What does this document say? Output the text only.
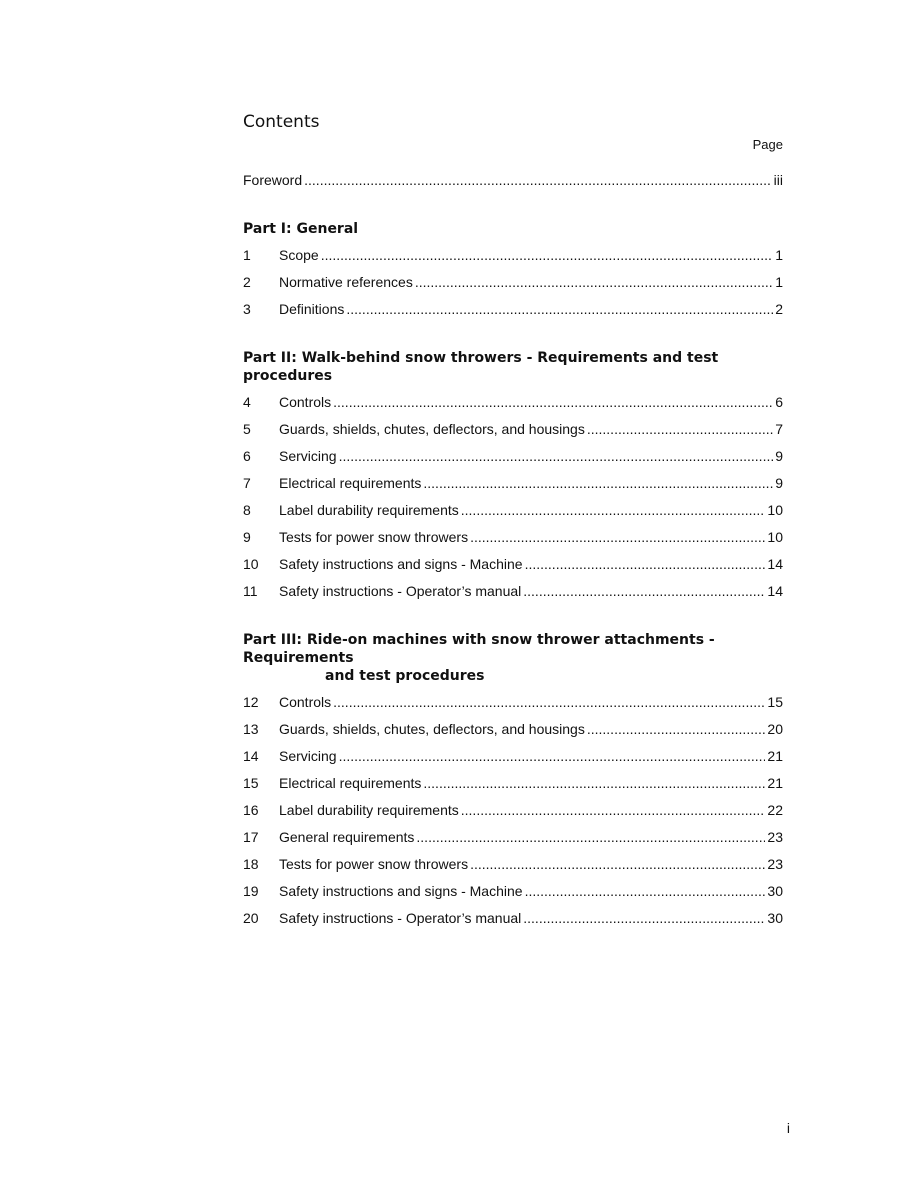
Contents
Page
Foreword .....	iii
Part I: General
1	Scope .....	1
2	Normative references .....	1
3	Definitions .....	2
Part II: Walk-behind snow throwers - Requirements and test procedures
4	Controls .....	6
5	Guards, shields, chutes, deflectors, and housings .....	7
6	Servicing .....	9
7	Electrical requirements .....	9
8	Label durability requirements .....	10
9	Tests for power snow throwers .....	10
10	Safety instructions and signs - Machine .....	14
11	Safety instructions - Operator’s manual .....	14
Part III: Ride-on machines with snow thrower attachments - Requirements
and test procedures
12	Controls .....	15
13	Guards, shields, chutes, deflectors, and housings .....	20
14	Servicing .....	21
15	Electrical requirements .....	21
16	Label durability requirements .....	22
17	General requirements .....	23
18	Tests for power snow throwers .....	23
19	Safety instructions and signs - Machine .....	30
20	Safety instructions - Operator’s manual .....	30
i
